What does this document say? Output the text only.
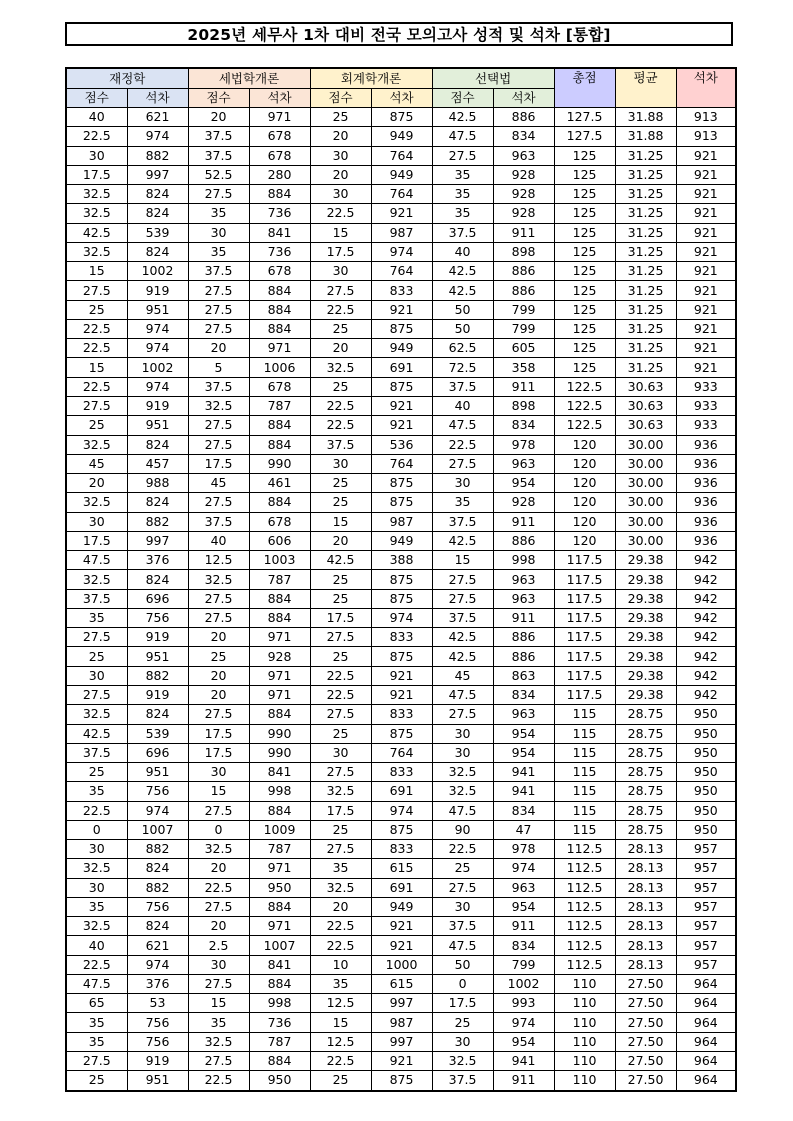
2025년 세무사 1차 대비 전국 모의고사 성적 및 석차 [통합]
재정학		세법학개론		회계학개론		선택법		총점	평균	석차
점수	석차	점수	석차	점수	석차	점수	석차			
40	621	20	971	25	875	42.5	886	127.5	31.88	913
22.5	974	37.5	678	20	949	47.5	834	127.5	31.88	913
30	882	37.5	678	30	764	27.5	963	125	31.25	921
17.5	997	52.5	280	20	949	35	928	125	31.25	921
32.5	824	27.5	884	30	764	35	928	125	31.25	921
32.5	824	35	736	22.5	921	35	928	125	31.25	921
42.5	539	30	841	15	987	37.5	911	125	31.25	921
32.5	824	35	736	17.5	974	40	898	125	31.25	921
15	1002	37.5	678	30	764	42.5	886	125	31.25	921
27.5	919	27.5	884	27.5	833	42.5	886	125	31.25	921
25	951	27.5	884	22.5	921	50	799	125	31.25	921
22.5	974	27.5	884	25	875	50	799	125	31.25	921
22.5	974	20	971	20	949	62.5	605	125	31.25	921
15	1002	5	1006	32.5	691	72.5	358	125	31.25	921
22.5	974	37.5	678	25	875	37.5	911	122.5	30.63	933
27.5	919	32.5	787	22.5	921	40	898	122.5	30.63	933
25	951	27.5	884	22.5	921	47.5	834	122.5	30.63	933
32.5	824	27.5	884	37.5	536	22.5	978	120	30.00	936
45	457	17.5	990	30	764	27.5	963	120	30.00	936
20	988	45	461	25	875	30	954	120	30.00	936
32.5	824	27.5	884	25	875	35	928	120	30.00	936
30	882	37.5	678	15	987	37.5	911	120	30.00	936
17.5	997	40	606	20	949	42.5	886	120	30.00	936
47.5	376	12.5	1003	42.5	388	15	998	117.5	29.38	942
32.5	824	32.5	787	25	875	27.5	963	117.5	29.38	942
37.5	696	27.5	884	25	875	27.5	963	117.5	29.38	942
35	756	27.5	884	17.5	974	37.5	911	117.5	29.38	942
27.5	919	20	971	27.5	833	42.5	886	117.5	29.38	942
25	951	25	928	25	875	42.5	886	117.5	29.38	942
30	882	20	971	22.5	921	45	863	117.5	29.38	942
27.5	919	20	971	22.5	921	47.5	834	117.5	29.38	942
32.5	824	27.5	884	27.5	833	27.5	963	115	28.75	950
42.5	539	17.5	990	25	875	30	954	115	28.75	950
37.5	696	17.5	990	30	764	30	954	115	28.75	950
25	951	30	841	27.5	833	32.5	941	115	28.75	950
35	756	15	998	32.5	691	32.5	941	115	28.75	950
22.5	974	27.5	884	17.5	974	47.5	834	115	28.75	950
0	1007	0	1009	25	875	90	47	115	28.75	950
30	882	32.5	787	27.5	833	22.5	978	112.5	28.13	957
32.5	824	20	971	35	615	25	974	112.5	28.13	957
30	882	22.5	950	32.5	691	27.5	963	112.5	28.13	957
35	756	27.5	884	20	949	30	954	112.5	28.13	957
32.5	824	20	971	22.5	921	37.5	911	112.5	28.13	957
40	621	2.5	1007	22.5	921	47.5	834	112.5	28.13	957
22.5	974	30	841	10	1000	50	799	112.5	28.13	957
47.5	376	27.5	884	35	615	0	1002	110	27.50	964
65	53	15	998	12.5	997	17.5	993	110	27.50	964
35	756	35	736	15	987	25	974	110	27.50	964
35	756	32.5	787	12.5	997	30	954	110	27.50	964
27.5	919	27.5	884	22.5	921	32.5	941	110	27.50	964
25	951	22.5	950	25	875	37.5	911	110	27.50	964
